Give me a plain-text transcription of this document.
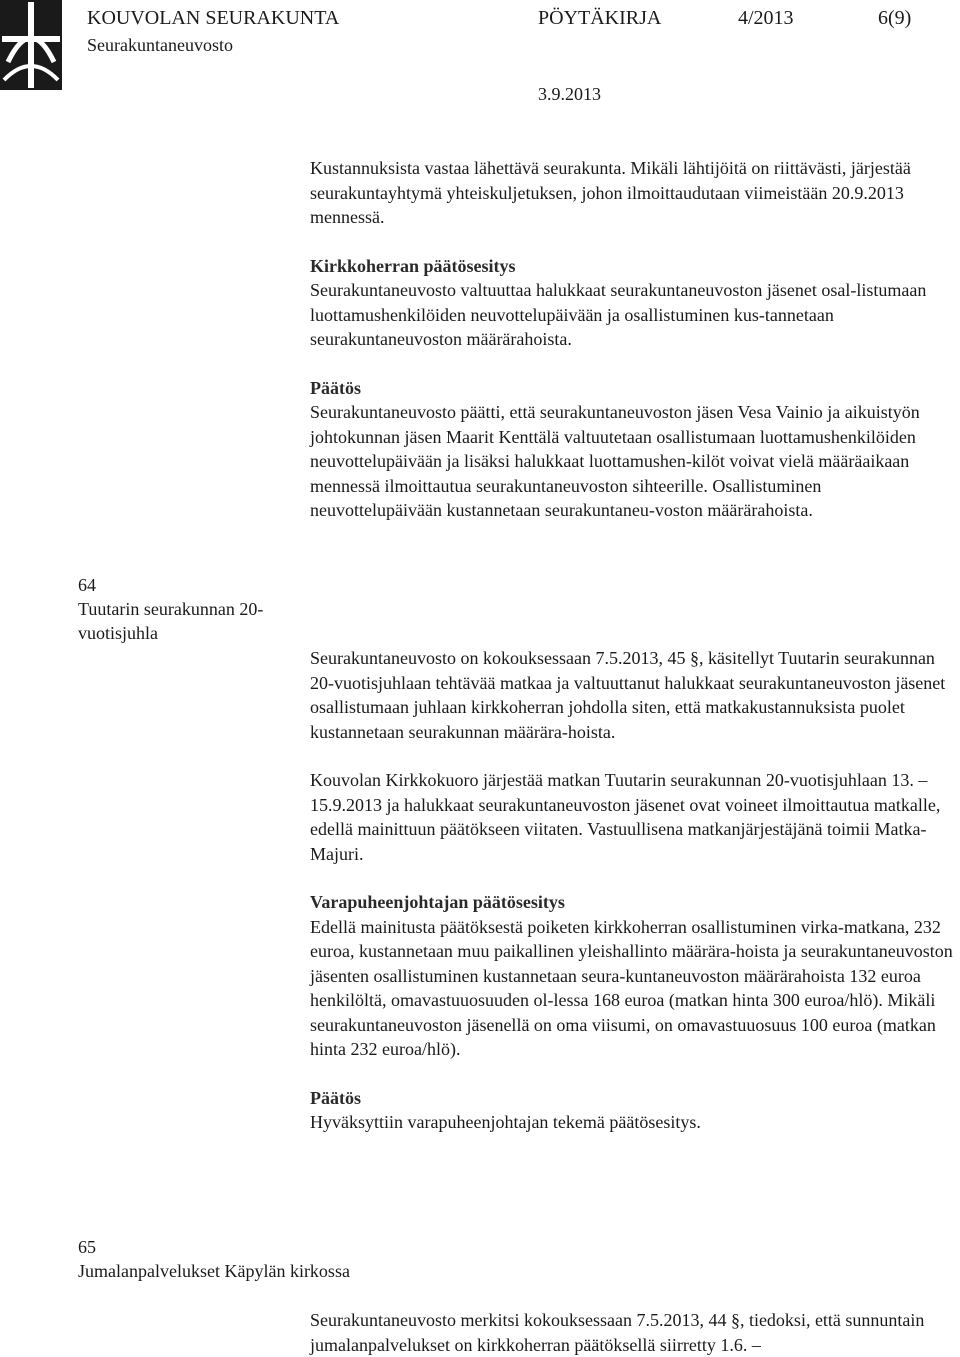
KOUVOLAN SEURAKUNTA
Seurakuntaneuvosto
PÖYTÄKIRJA	4/2013	6(9)
3.9.2013

Kustannuksista vastaa lähettävä seurakunta. Mikäli lähtijöitä on riittävästi, järjestää seurakuntayhtymä yhteiskuljetuksen, johon ilmoittaudutaan viimeistään 20.9.2013 mennessä.

Kirkkoherran päätösesitys

Seurakuntaneuvosto valtuuttaa halukkaat seurakuntaneuvoston jäsenet osal-listumaan luottamushenkilöiden neuvottelupäivään ja osallistuminen kus-tannetaan seurakuntaneuvoston määrärahoista.

Päätös

Seurakuntaneuvosto päätti, että seurakuntaneuvoston jäsen Vesa Vainio ja aikuistyön johtokunnan jäsen Maarit Kenttälä valtuutetaan osallistumaan luottamushenkilöiden neuvottelupäivään ja lisäksi halukkaat luottamushen-kilöt voivat vielä määräaikaan mennessä ilmoittautua seurakuntaneuvoston sihteerille. Osallistuminen neuvottelupäivään kustannetaan seurakuntaneu-voston määrärahoista.

64
Tuutarin seurakunnan 20-vuotisjuhla

Seurakuntaneuvosto on kokouksessaan 7.5.2013, 45 §, käsitellyt Tuutarin seurakunnan 20-vuotisjuhlaan tehtävää matkaa ja valtuuttanut halukkaat seurakuntaneuvoston jäsenet osallistumaan juhlaan kirkkoherran johdolla siten, että matkakustannuksista puolet kustannetaan seurakunnan määrära-hoista.

Kouvolan Kirkkokuoro järjestää matkan Tuutarin seurakunnan 20-vuotisjuhlaan 13. – 15.9.2013 ja halukkaat seurakuntaneuvoston jäsenet ovat voineet ilmoittautua matkalle, edellä mainittuun päätökseen viitaten. Vastuullisena matkanjärjestäjänä toimii Matka-Majuri.

Varapuheenjohtajan päätösesitys

Edellä mainitusta päätöksestä poiketen kirkkoherran osallistuminen virka-matkana, 232 euroa, kustannetaan muu paikallinen yleishallinto määrära-hoista ja seurakuntaneuvoston jäsenten osallistuminen kustannetaan seura-kuntaneuvoston määrärahoista 132 euroa henkilöltä, omavastuuosuuden ol-lessa 168 euroa (matkan hinta 300 euroa/hlö). Mikäli seurakuntaneuvoston jäsenellä on oma viisumi, on omavastuuosuus 100 euroa (matkan hinta 232 euroa/hlö).

Päätös

Hyväksyttiin varapuheenjohtajan tekemä päätösesitys.

65
Jumalanpalvelukset Käpylän kirkossa

Seurakuntaneuvosto merkitsi kokouksessaan 7.5.2013, 44 §, tiedoksi, että sunnuntain jumalanpalvelukset on kirkkoherran päätöksellä siirretty 1.6. –
